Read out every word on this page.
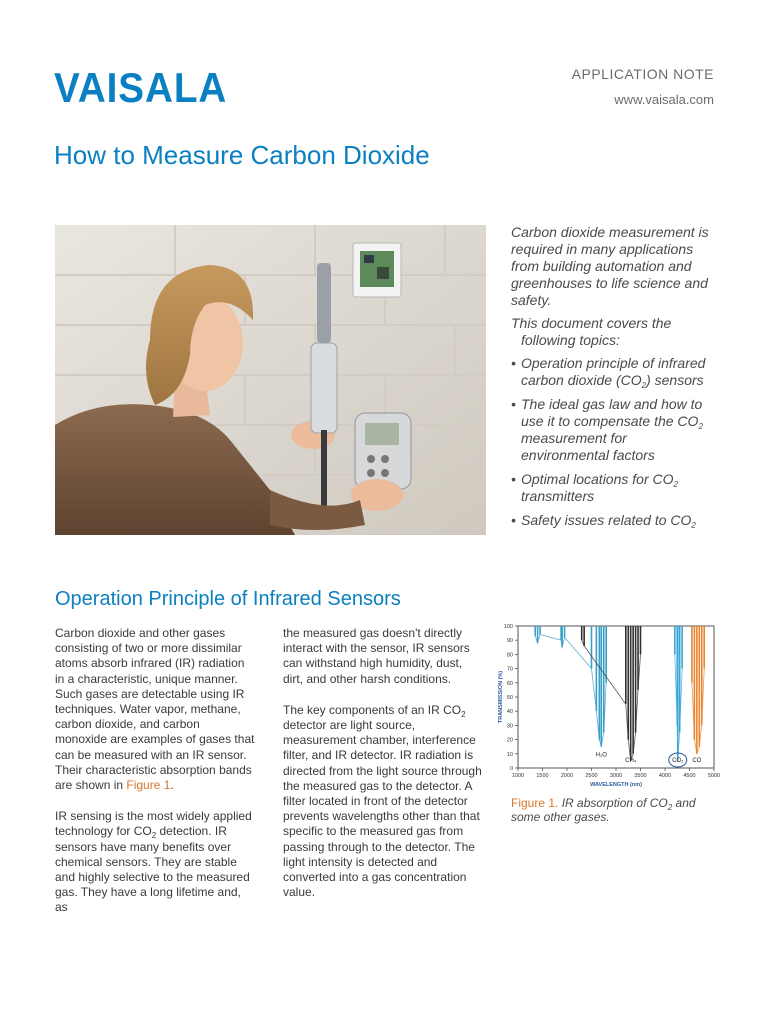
VAISALA	APPLICATION NOTE
www.vaisala.com
How to Measure Carbon Dioxide

Carbon dioxide measurement is required in many applications from building automation and greenhouses to life science and safety.

This document covers the following topics:

• Operation principle of infrared carbon dioxide $(CO_2)$ sensors
• The ideal gas law and how to use it to compensate the $CO_2$ measurement for environmental factors
• Optimal locations for $CO_2$ transmitters
• Safety issues related to $CO_2$
Operation Principle of Infrared Sensors

Carbon dioxide and other gases consisting of two or more dissimilar atoms absorb infrared (IR) radiation in a characteristic, unique manner. Such gases are detectable using IR techniques. Water vapor, methane, carbon dioxide, and carbon monoxide are examples of gases that can be measured with an IR sensor. Their characteristic absorption bands are shown in Figure 1.

IR sensing is the most widely applied technology for $CO_2$ detection. IR sensors have many benefits over chemical sensors. They are stable and highly selective to the measured gas. They have a long lifetime and, as

the measured gas doesn't directly interact with the sensor, IR sensors can withstand high humidity, dust, dirt, and other harsh conditions.

The key components of an IR $CO_2$ detector are light source, measurement chamber, interference filter, and IR detector. IR radiation is directed from the light source through the measured gas to the detector. A filter located in front of the detector prevents wavelengths other than that specific to the measured gas from passing through to the detector. The light intensity is detected and converted into a gas concentration value.

0
10
20
30
40
50
60
70
80
90
100
1000 1500 2000 2500 3000 3500 4000 4500 5000
WAVELENGTH (nm)
TRANSMISSION (%)
H₂O
CH₄	CO₂ CO
Figure 1. IR absorption of $CO_2$ and some other gases.
